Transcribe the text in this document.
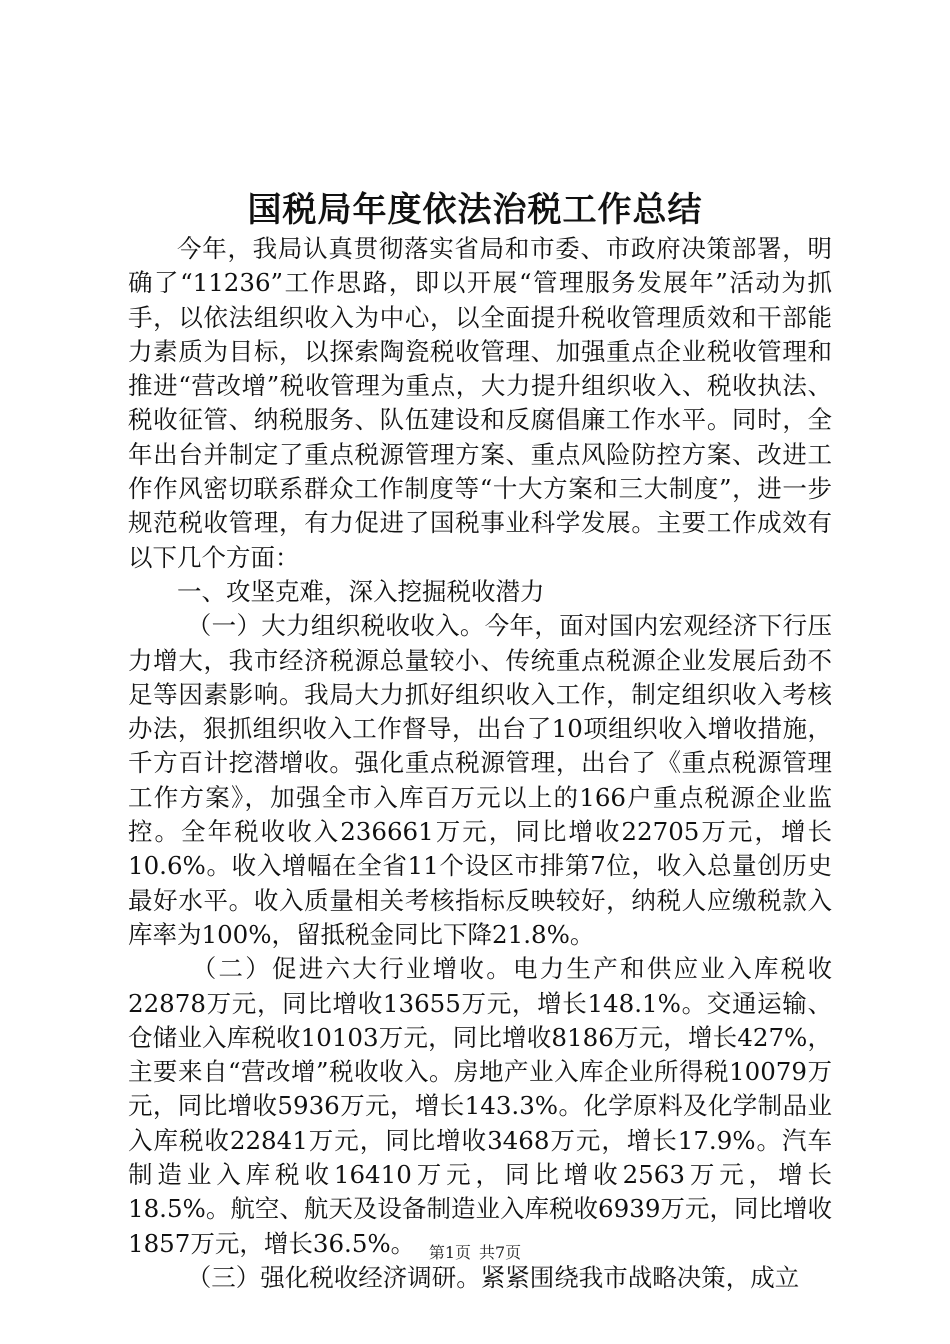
国税局年度依法治税工作总结

今年，我局认真贯彻落实省局和市委、市政府决策部署，明确了“11236”工作思路，即以开展“管理服务发展年”活动为抓手，以依法组织收入为中心，以全面提升税收管理质效和干部能力素质为目标，以探索陶瓷税收管理、加强重点企业税收管理和推进“营改增”税收管理为重点，大力提升组织收入、税收执法、税收征管、纳税服务、队伍建设和反腐倡廉工作水平。同时，全年出台并制定了重点税源管理方案、重点风险防控方案、改进工作作风密切联系群众工作制度等“十大方案和三大制度”，进一步规范税收管理，有力促进了国税事业科学发展。主要工作成效有以下几个方面：

一、攻坚克难，深入挖掘税收潜力

（一）大力组织税收收入。今年，面对国内宏观经济下行压力增大，我市经济税源总量较小、传统重点税源企业发展后劲不足等因素影响。我局大力抓好组织收入工作，制定组织收入考核办法，狠抓组织收入工作督导，出台了10项组织收入增收措施，千方百计挖潜增收。强化重点税源管理，出台了《重点税源管理工作方案》，加强全市入库百万元以上的166户重点税源企业监控。全年税收收入236661万元，同比增收22705万元，增长10.6%。收入增幅在全省11个设区市排第7位，收入总量创历史最好水平。收入质量相关考核指标反映较好，纳税人应缴税款入库率为100%，留抵税金同比下降21.8%。

（二）促进六大行业增收。电力生产和供应业入库税收22878万元，同比增收13655万元，增长148.1%。交通运输、仓储业入库税收10103万元，同比增收8186万元，增长427%，主要来自“营改增”税收收入。房地产业入库企业所得税10079万元，同比增收5936万元，增长143.3%。化学原料及化学制品业入库税收22841万元，同比增收3468万元，增长17.9%。汽车制造业入库税收16410万元，同比增收2563万元，增长18.5%。航空、航天及设备制造业入库税收6939万元，同比增收1857万元，增长36.5%。

（三）强化税收经济调研。紧紧围绕我市战略决策，成立

第1页 共7页
